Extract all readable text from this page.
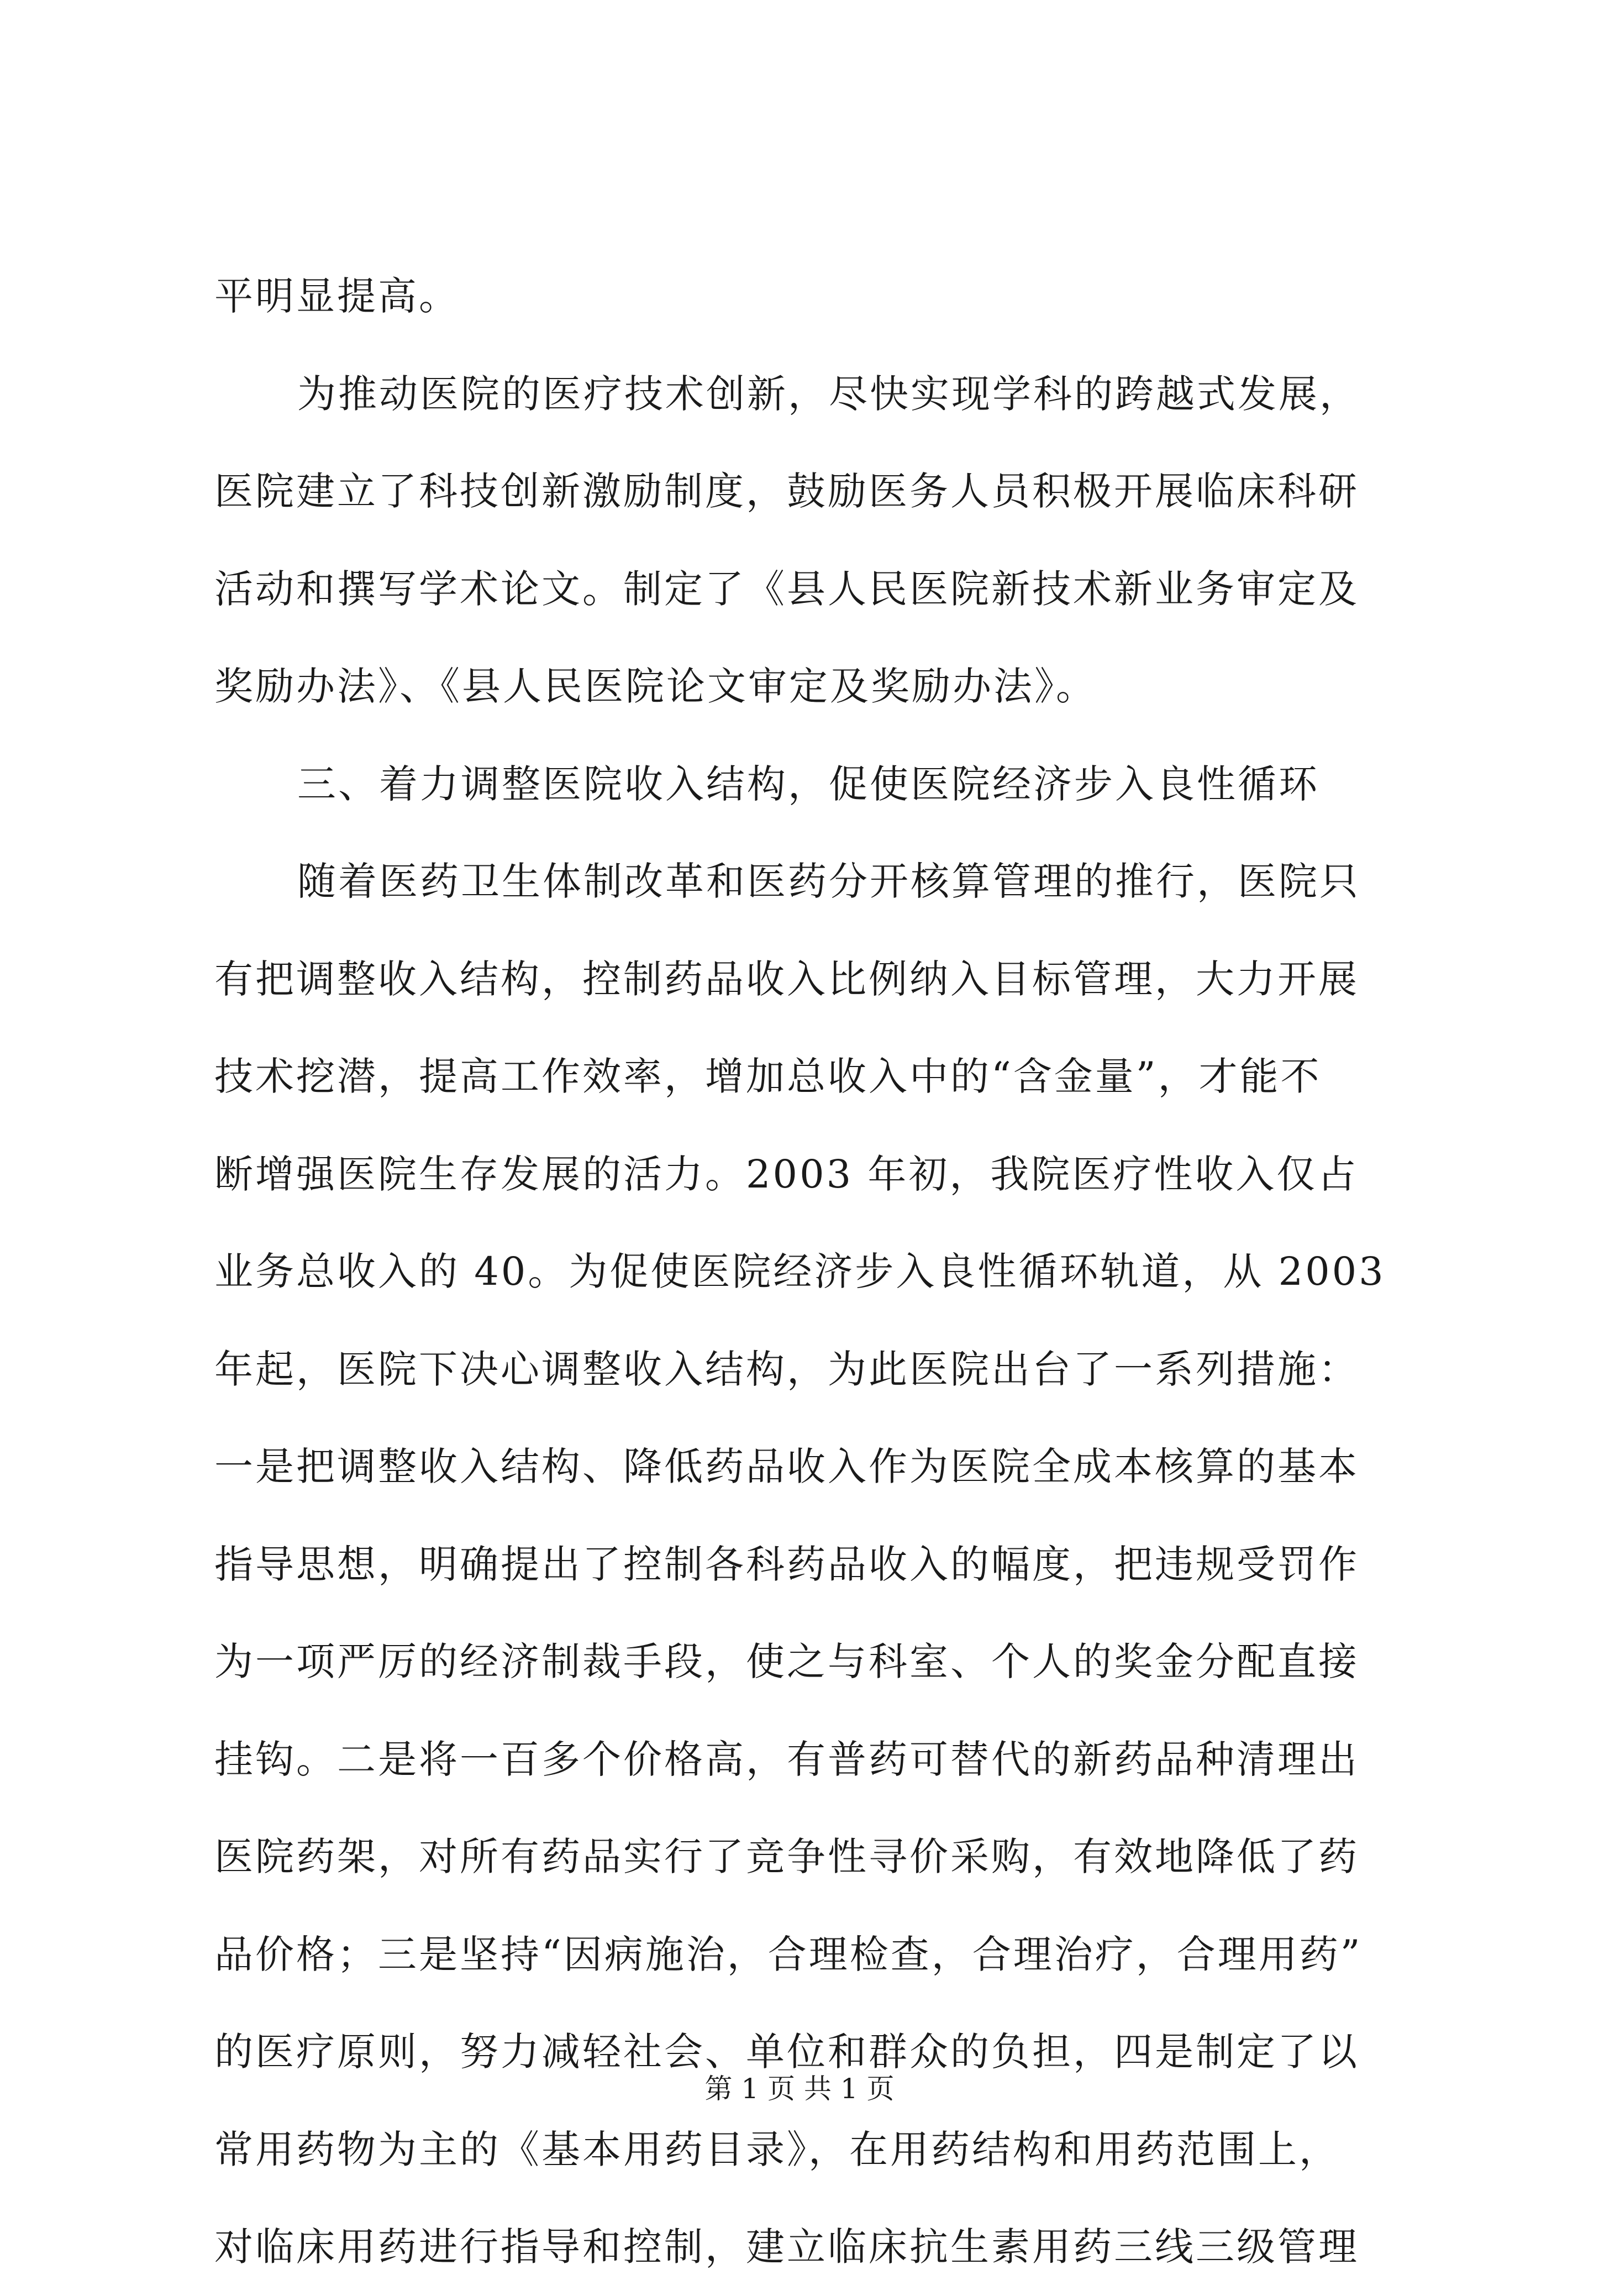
平明显提高。
为推动医院的医疗技术创新，尽快实现学科的跨越式发展，
医院建立了科技创新激励制度，鼓励医务人员积极开展临床科研
活动和撰写学术论文。制定了《县人民医院新技术新业务审定及
奖励办法》、《县人民医院论文审定及奖励办法》。
三、着力调整医院收入结构，促使医院经济步入良性循环
随着医药卫生体制改革和医药分开核算管理的推行，医院只
有把调整收入结构，控制药品收入比例纳入目标管理，大力开展
技术挖潜，提高工作效率，增加总收入中的“含金量”，才能不
断增强医院生存发展的活力。2003 年初，我院医疗性收入仅占
业务总收入的 40。为促使医院经济步入良性循环轨道，从 2003
年起，医院下决心调整收入结构，为此医院出台了一系列措施：
一是把调整收入结构、降低药品收入作为医院全成本核算的基本
指导思想，明确提出了控制各科药品收入的幅度，把违规受罚作
为一项严厉的经济制裁手段，使之与科室、个人的奖金分配直接
挂钩。二是将一百多个价格高，有普药可替代的新药品种清理出
医院药架，对所有药品实行了竞争性寻价采购，有效地降低了药
品价格；三是坚持“因病施治，合理检查，合理治疗，合理用药”
的医疗原则，努力减轻社会、单位和群众的负担，四是制定了以
常用药物为主的《基本用药目录》，在用药结构和用药范围上，
对临床用药进行指导和控制，建立临床抗生素用药三线三级管理
第 1 页 共 1 页
